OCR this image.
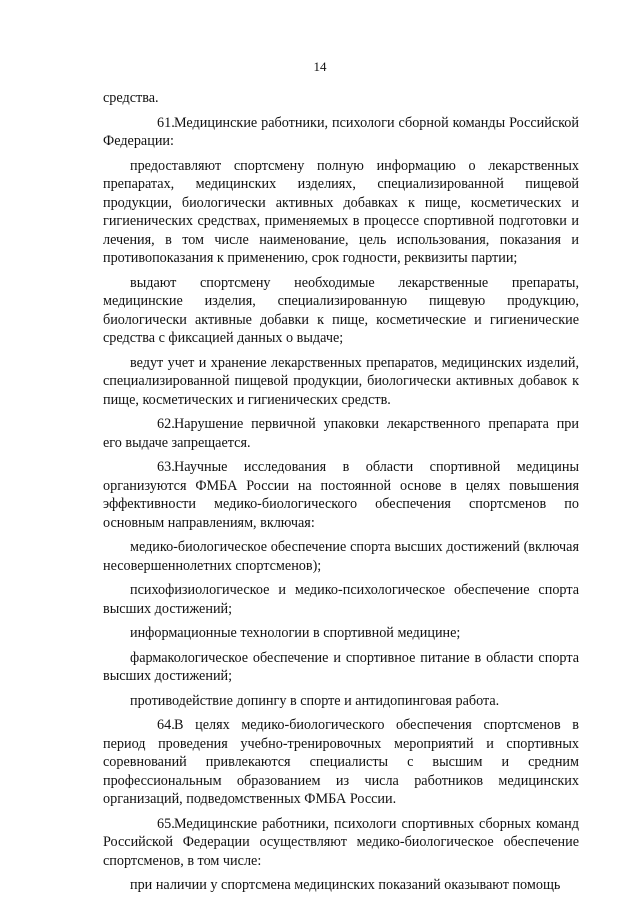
14

средства.

61.Медицинские работники, психологи сборной команды Российской Федерации:

предоставляют спортсмену полную информацию о лекарственных препаратах, медицинских изделиях, специализированной пищевой продукции, биологически активных добавках к пище, косметических и гигиенических средствах, применяемых в процессе спортивной подготовки и лечения, в том числе наименование, цель использования, показания и противопоказания к применению, срок годности, реквизиты партии;

выдают спортсмену необходимые лекарственные препараты, медицинские изделия, специализированную пищевую продукцию, биологически активные добавки к пище, косметические и гигиенические средства с фиксацией данных о выдаче;

ведут учет и хранение лекарственных препаратов, медицинских изделий, специализированной пищевой продукции, биологически активных добавок к пище, косметических и гигиенических средств.

62.Нарушение первичной упаковки лекарственного препарата при его выдаче запрещается.

63.Научные исследования в области спортивной медицины организуются ФМБА России на постоянной основе в целях повышения эффективности медико-биологического обеспечения спортсменов по основным направлениям, включая:

медико-биологическое обеспечение спорта высших достижений (включая несовершеннолетних спортсменов);

психофизиологическое и медико-психологическое обеспечение спорта высших достижений;

информационные технологии в спортивной медицине;

фармакологическое обеспечение и спортивное питание в области спорта высших достижений;

противодействие допингу в спорте и антидопинговая работа.

64.В целях медико-биологического обеспечения спортсменов в период проведения учебно-тренировочных мероприятий и спортивных соревнований привлекаются специалисты с высшим и средним профессиональным образованием из числа работников медицинских организаций, подведомственных ФМБА России.

65.Медицинские работники, психологи спортивных сборных команд Российской Федерации осуществляют медико-биологическое обеспечение спортсменов, в том числе:

при наличии у спортсмена медицинских показаний оказывают помощь
